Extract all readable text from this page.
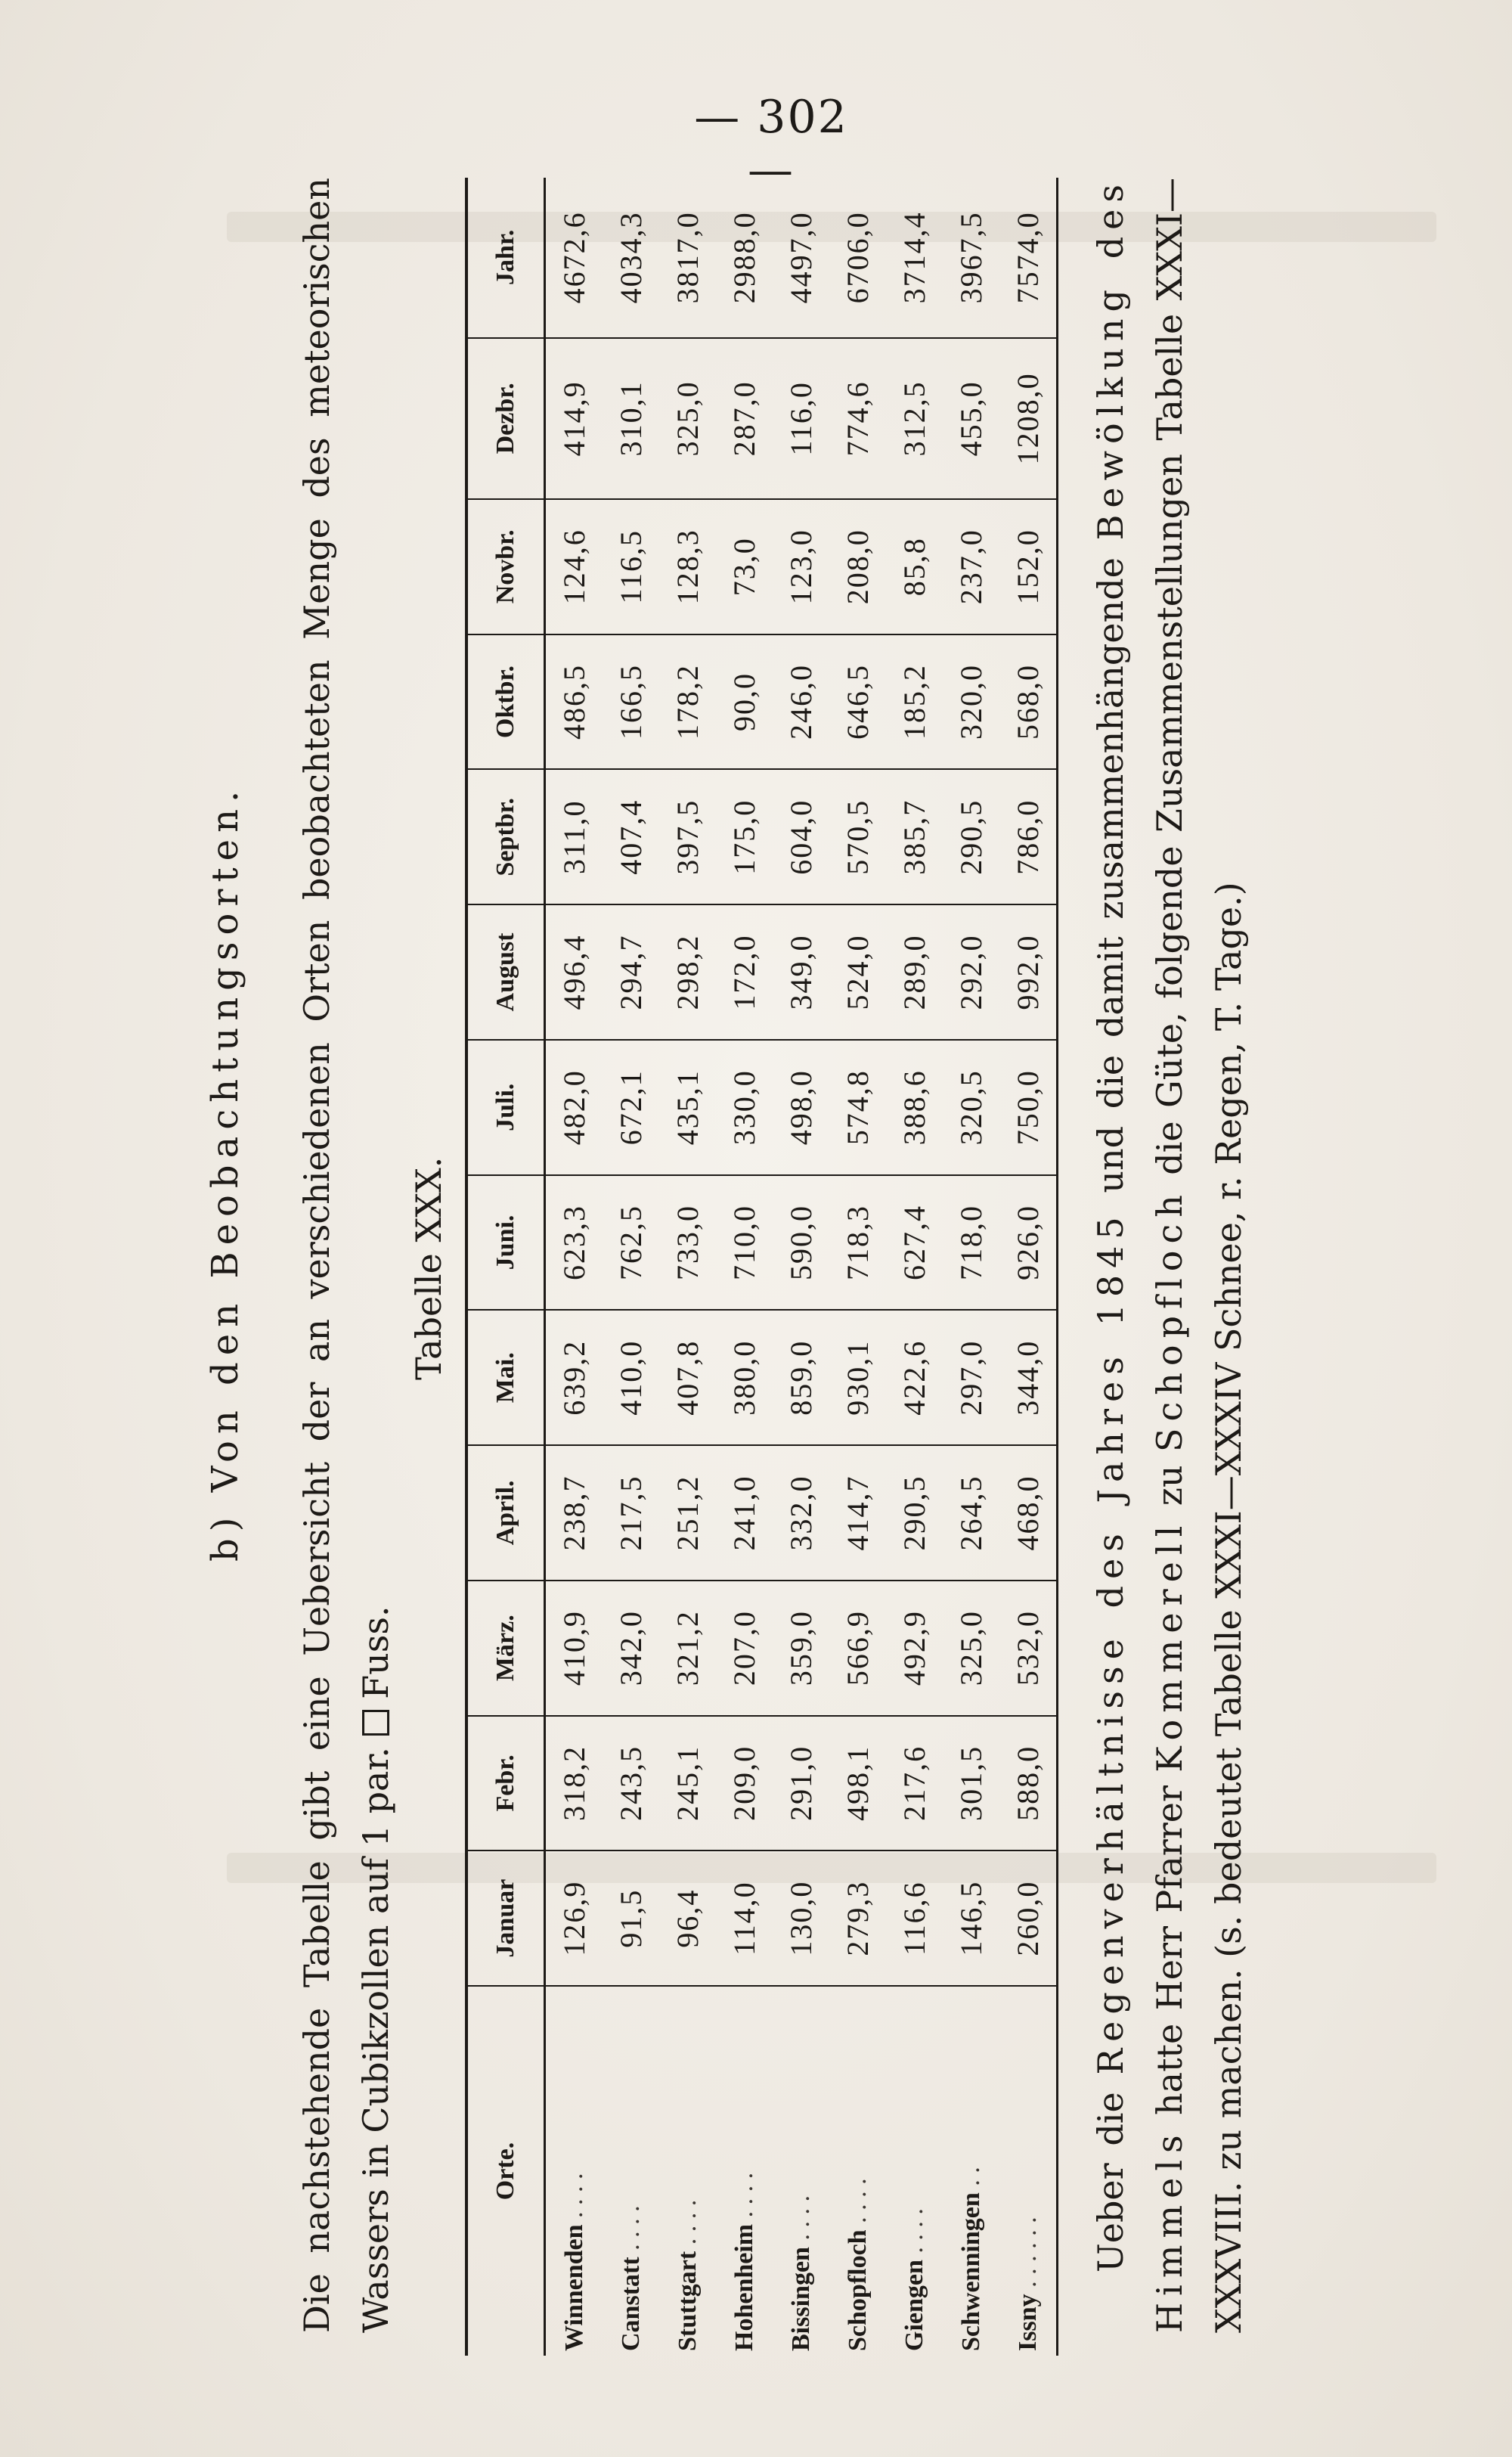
— 302 —
b) Von den Beobachtungsorten. Die nachstehende Tabelle gibt eine Uebersicht der an verschiedenen Orten beobachteten Menge des meteorischen Wassers in Cubikzollen auf 1 par.  Fuss.
Tabelle XXX.
Orte.	Januar	Febr.	März.	April.	Mai.	Juni.	Juli.	August	Septbr.	Oktbr.	Novbr.	Dezbr.	Jahr.
Winnenden . . . .	126,9	318,2	410,9	238,7	639,2	623,3	482,0	496,4	311,0	486,5	124,6	414,9	4672,6
Canstatt . . . .	91,5	243,5	342,0	217,5	410,0	762,5	672,1	294,7	407,4	166,5	116,5	310,1	4034,3
Stuttgart . . . .	96,4	245,1	321,2	251,2	407,8	733,0	435,1	298,2	397,5	178,2	128,3	325,0	3817,0
Hohenheim . . . .	114,0	209,0	207,0	241,0	380,0	710,0	330,0	172,0	175,0	90,0	73,0	287,0	2988,0
Bissingen . . . .	130,0	291,0	359,0	332,0	859,0	590,0	498,0	349,0	604,0	246,0	123,0	116,0	4497,0
Schopfloch . . . .	279,3	498,1	566,9	414,7	930,1	718,3	574,8	524,0	570,5	646,5	208,0	774,6	6706,0
Giengen . . . .	116,6	217,6	492,9	290,5	422,6	627,4	388,6	289,0	385,7	185,2	85,8	312,5	3714,4
Schwenningen . .	146,5	301,5	325,0	264,5	297,0	718,0	320,5	292,0	290,5	320,0	237,0	455,0	3967,5
Issny . . . . . .	260,0	588,0	532,0	468,0	344,0	926,0	750,0	992,0	786,0	568,0	152,0	1208,0	7574,0
Ueber die Regenverhältnisse des Jahres 1845 und die damit zusammenhängende Bewölkung des Himmels hatte Herr Pfarrer Kommerell zu Schopfloch die Güte, folgende Zusammenstellungen Tabelle XXXI—XXXVIII. zu machen. (s. bedeutet Tabelle XXXI—XXXIV Schnee, r. Regen, T. Tage.)
